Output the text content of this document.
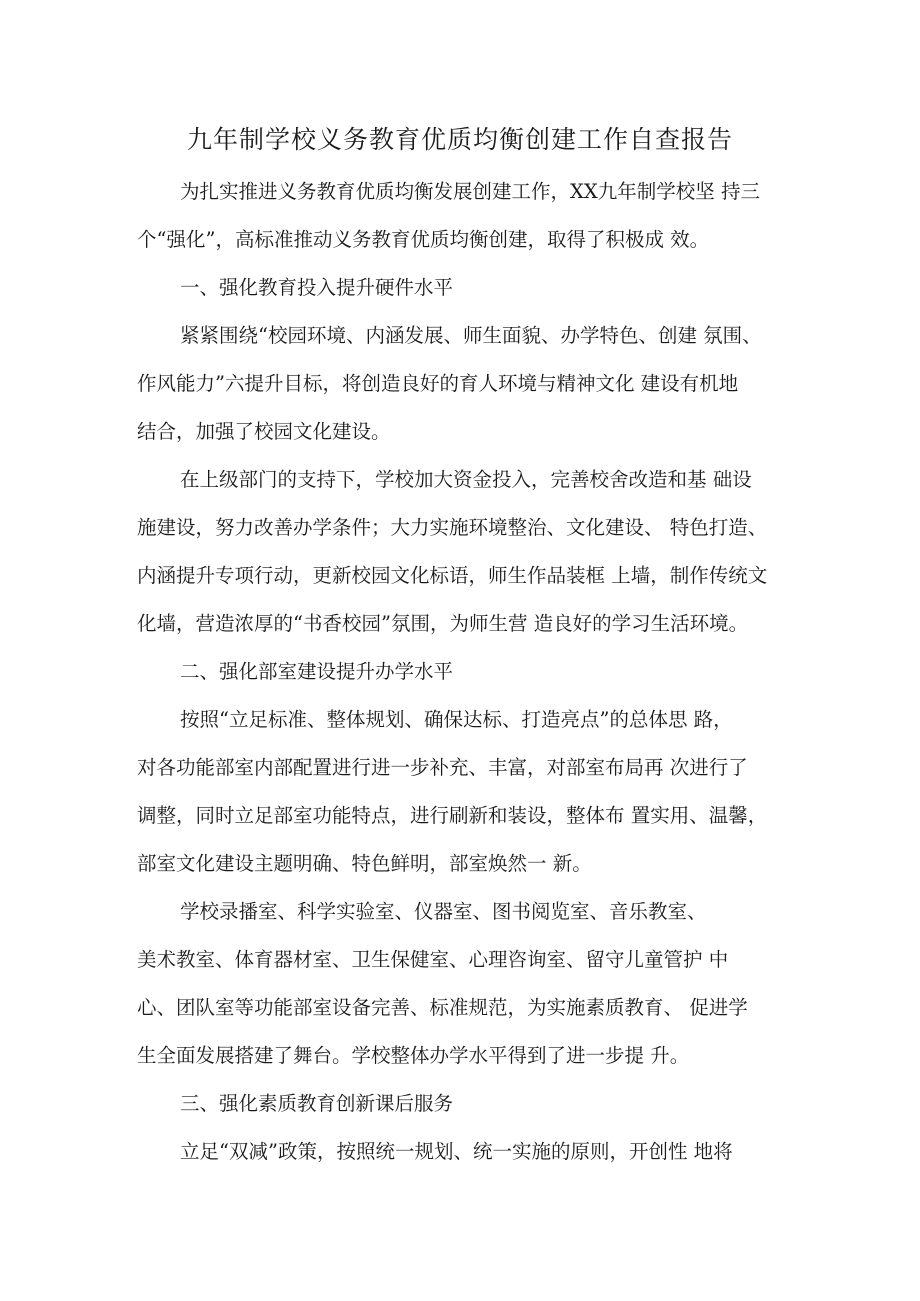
九年制学校义务教育优质均衡创建工作自查报告
为扎实推进义务教育优质均衡发展创建工作，XX九年制学校坚 持三
个“强化”，高标准推动义务教育优质均衡创建，取得了积极成 效。
一、强化教育投入提升硬件水平
紧紧围绕“校园环境、内涵发展、师生面貌、办学特色、创建 氛围、
作风能力”六提升目标，将创造良好的育人环境与精神文化 建设有机地
结合，加强了校园文化建设。
在上级部门的支持下，学校加大资金投入，完善校舍改造和基 础设
施建设，努力改善办学条件；大力实施环境整治、文化建设、 特色打造、
内涵提升专项行动，更新校园文化标语，师生作品装框 上墙，制作传统文
化墙，营造浓厚的“书香校园”氛围，为师生营 造良好的学习生活环境。
二、强化部室建设提升办学水平
按照“立足标准、整体规划、确保达标、打造亮点”的总体思 路，
对各功能部室内部配置进行进一步补充、丰富，对部室布局再 次进行了
调整，同时立足部室功能特点，进行刷新和装设，整体布 置实用、温馨，
部室文化建设主题明确、特色鲜明，部室焕然一 新。
学校录播室、科学实验室、仪器室、图书阅览室、音乐教室、
美术教室、体育器材室、卫生保健室、心理咨询室、留守儿童管护 中
心、团队室等功能部室设备完善、标准规范，为实施素质教育、 促进学
生全面发展搭建了舞台。学校整体办学水平得到了进一步提 升。
三、强化素质教育创新课后服务
立足“双减”政策，按照统一规划、统一实施的原则，开创性 地将
